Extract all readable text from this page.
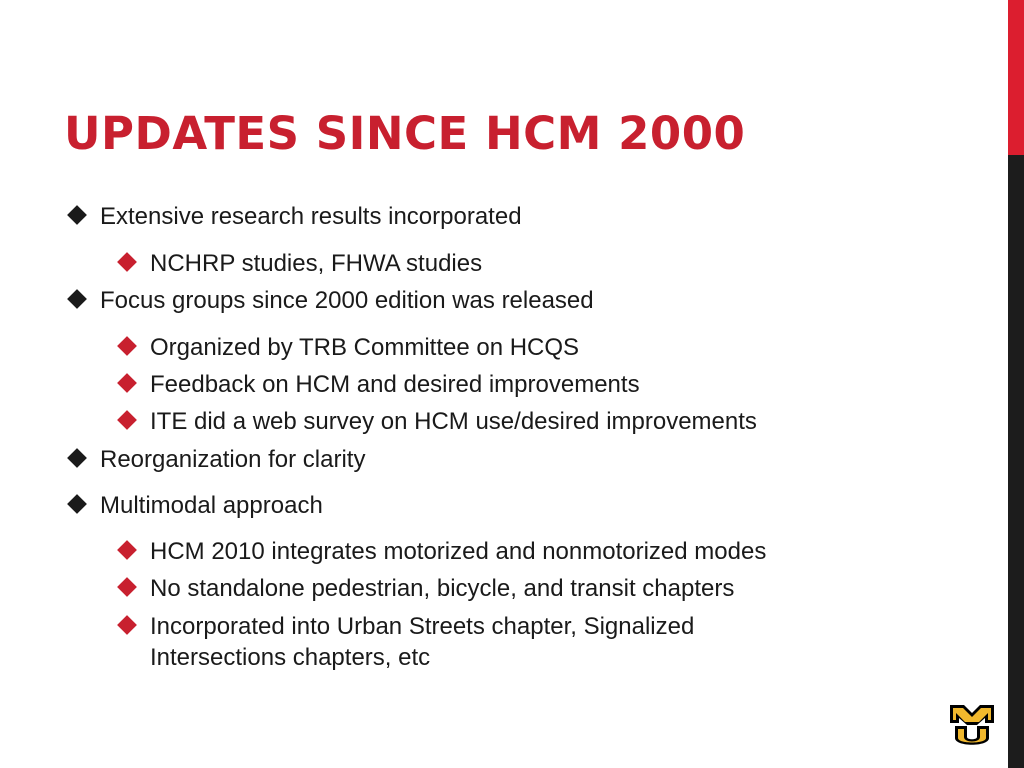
UPDATES SINCE HCM 2000
Extensive research results incorporated
NCHRP studies, FHWA studies
Focus groups since 2000 edition was released
Organized by TRB Committee on HCQS
Feedback on HCM and desired improvements
ITE did a web survey on HCM use/desired improvements
Reorganization for clarity
Multimodal approach
HCM 2010 integrates motorized and nonmotorized modes
No standalone pedestrian, bicycle, and transit chapters
Incorporated into Urban Streets chapter, Signalized Intersections chapters, etc
